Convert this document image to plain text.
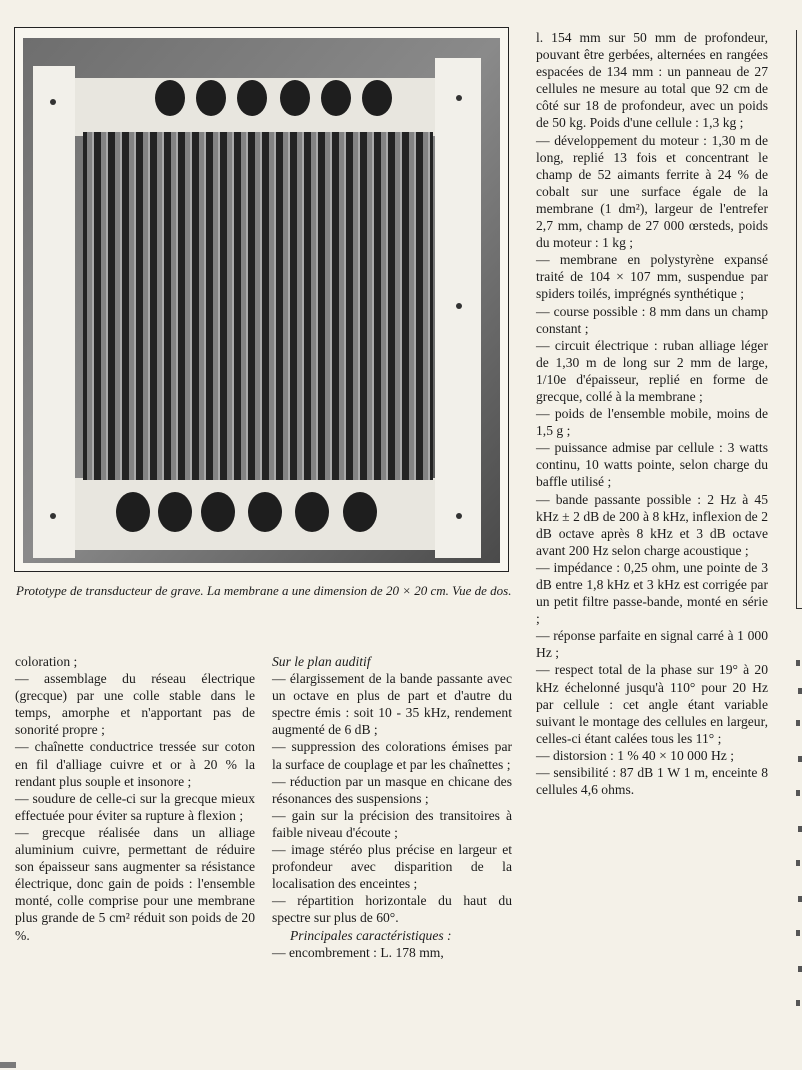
Prototype de transducteur de grave. La membrane a une dimension de 20 × 20 cm. Vue de dos.

coloration ;

— assemblage du réseau électrique (grecque) par une colle stable dans le temps, amorphe et n'apportant pas de sonorité propre ;

— chaînette conductrice tressée sur coton en fil d'alliage cuivre et or à 20 % la rendant plus souple et insonore ;

— soudure de celle-ci sur la grecque mieux effectuée pour éviter sa rupture à flexion ;

— grecque réalisée dans un alliage aluminium cuivre, permettant de réduire son épaisseur sans augmenter sa résistance électrique, donc gain de poids : l'ensemble monté, colle comprise pour une membrane plus grande de 5 cm² réduit son poids de 20 %.

Sur le plan auditif

— élargissement de la bande passante avec un octave en plus de part et d'autre du spectre émis : soit 10 - 35 kHz, rendement augmenté de 6 dB ;

— suppression des colorations émises par la surface de couplage et par les chaînettes ;

— réduction par un masque en chicane des résonances des suspensions ;

— gain sur la précision des transitoires à faible niveau d'écoute ;

— image stéréo plus précise en largeur et profondeur avec disparition de la localisation des enceintes ;

— répartition horizontale du haut du spectre sur plus de 60°.

Principales caractéristiques :

— encombrement : L. 178 mm,

l. 154 mm sur 50 mm de profondeur, pouvant être gerbées, alternées en rangées espacées de 134 mm : un panneau de 27 cellules ne mesure au total que 92 cm de côté sur 18 de profondeur, avec un poids de 50 kg. Poids d'une cellule : 1,3 kg ;

— développement du moteur : 1,30 m de long, replié 13 fois et concentrant le champ de 52 aimants ferrite à 24 % de cobalt sur une surface égale de la membrane (1 dm²), largeur de l'entrefer 2,7 mm, champ de 27 000 œrsteds, poids du moteur : 1 kg ;

— membrane en polystyrène expansé traité de 104 × 107 mm, suspendue par spiders toilés, imprégnés synthétique ;

— course possible : 8 mm dans un champ constant ;

— circuit électrique : ruban alliage léger de 1,30 m de long sur 2 mm de large, 1/10e d'épaisseur, replié en forme de grecque, collé à la membrane ;

— poids de l'ensemble mobile, moins de 1,5 g ;

— puissance admise par cellule : 3 watts continu, 10 watts pointe, selon charge du baffle utilisé ;

— bande passante possible : 2 Hz à 45 kHz ± 2 dB de 200 à 8 kHz, inflexion de 2 dB octave après 8 kHz et 3 dB octave avant 200 Hz selon charge acoustique ;

— impédance : 0,25 ohm, une pointe de 3 dB entre 1,8 kHz et 3 kHz est corrigée par un petit filtre passe-bande, monté en série ;

— réponse parfaite en signal carré à 1 000 Hz ;

— respect total de la phase sur 19° à 20 kHz échelonné jusqu'à 110° pour 20 Hz par cellule : cet angle étant variable suivant le montage des cellules en largeur, celles-ci étant calées tous les 11° ;

— distorsion : 1 % 40 × 10 000 Hz ;

— sensibilité : 87 dB 1 W 1 m, enceinte 8 cellules 4,6 ohms.
